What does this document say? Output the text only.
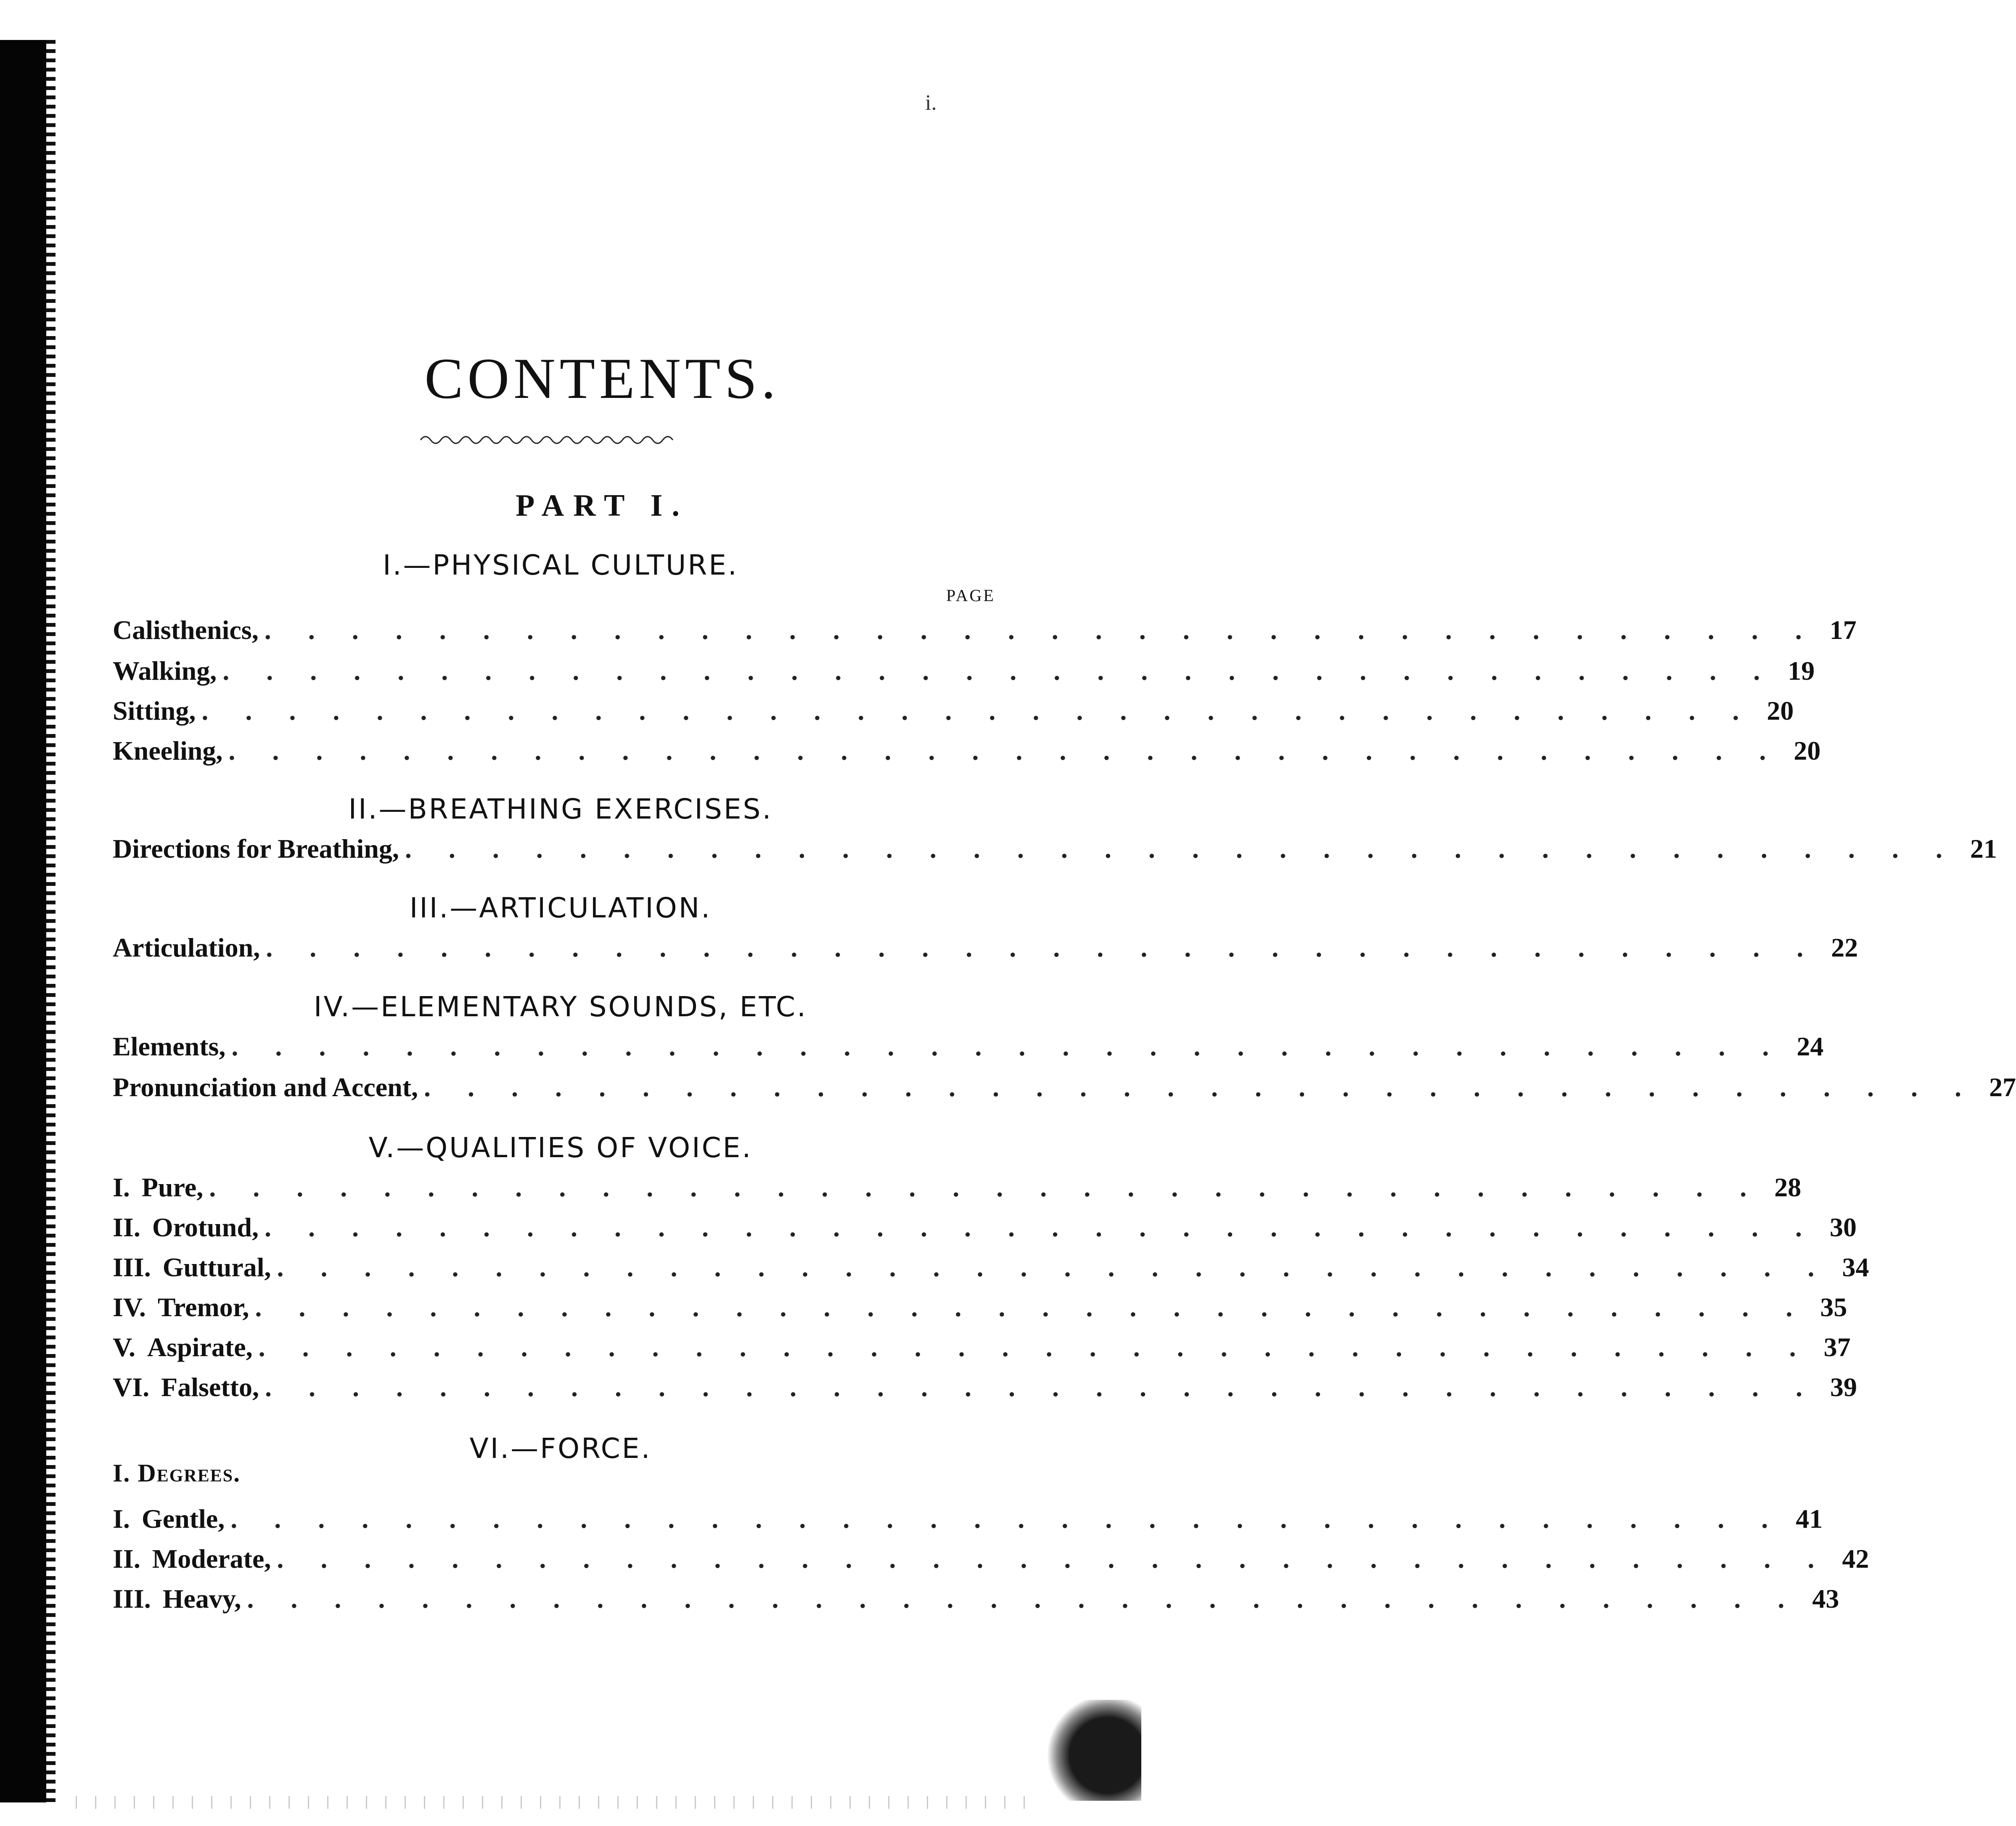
i.
CONTENTS.
PART I.
I.—PHYSICAL CULTURE.
PAGE
Calisthenics, . . . . . . . . . . . . . . . . . . . . . . . . . . . . . . . . . . . . 17
Walking, . . . . . . . . . . . . . . . . . . . . . . . . . . . . . . . . . . . . 19
Sitting, . . . . . . . . . . . . . . . . . . . . . . . . . . . . . . . . . . . . 20
Kneeling, . . . . . . . . . . . . . . . . . . . . . . . . . . . . . . . . . . . . 20
II.—BREATHING EXERCISES.
Directions for Breathing, . . . . . . . . . . . . . . . . . . . . . . . . . . . . . . . . . . . . 21
III.—ARTICULATION.
Articulation, . . . . . . . . . . . . . . . . . . . . . . . . . . . . . . . . . . . . 22
IV.—ELEMENTARY SOUNDS, ETC.
Elements, . . . . . . . . . . . . . . . . . . . . . . . . . . . . . . . . . . . . 24
Pronunciation and Accent, . . . . . . . . . . . . . . . . . . . . . . . . . . . . . . . . . . . . 27
V.—QUALITIES OF VOICE.
I. Pure, . . . . . . . . . . . . . . . . . . . . . . . . . . . . . . . . . . . . 28
II. Orotund, . . . . . . . . . . . . . . . . . . . . . . . . . . . . . . . . . . . . 30
III. Guttural, . . . . . . . . . . . . . . . . . . . . . . . . . . . . . . . . . . . . 34
IV. Tremor, . . . . . . . . . . . . . . . . . . . . . . . . . . . . . . . . . . . . 35
V. Aspirate, . . . . . . . . . . . . . . . . . . . . . . . . . . . . . . . . . . . . 37
VI. Falsetto, . . . . . . . . . . . . . . . . . . . . . . . . . . . . . . . . . . . . 39
VI.—FORCE.
I. Degrees.
I. Gentle, . . . . . . . . . . . . . . . . . . . . . . . . . . . . . . . . . . . . 41
II. Moderate, . . . . . . . . . . . . . . . . . . . . . . . . . . . . . . . . . . . . 42
III. Heavy, . . . . . . . . . . . . . . . . . . . . . . . . . . . . . . . . . . . . 43
